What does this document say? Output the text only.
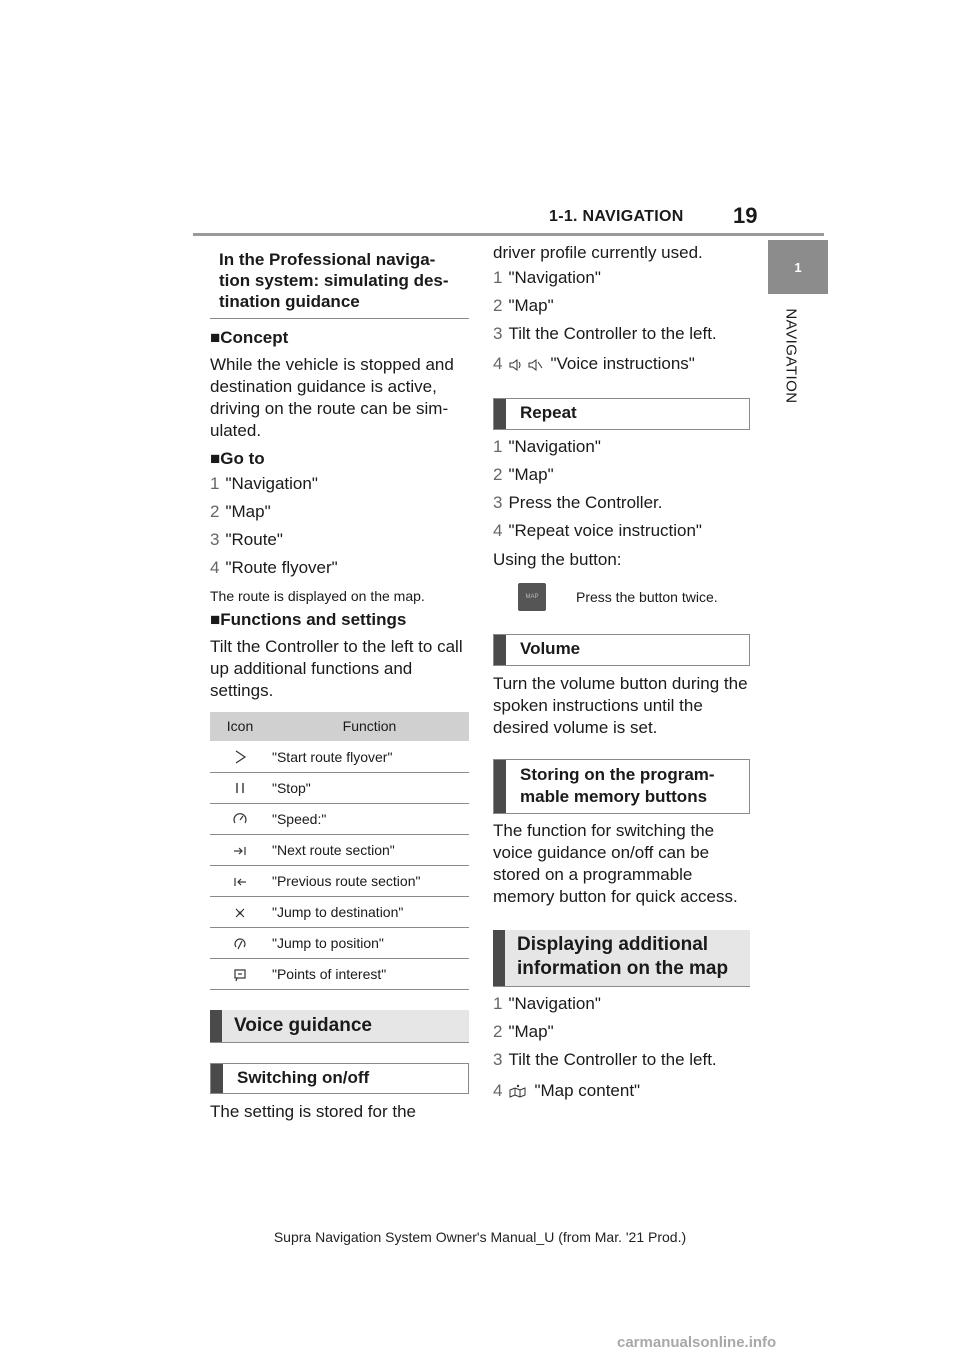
1-1. NAVIGATION 19
1
NAVIGATION
In the Professional naviga-
tion system: simulating des-
tination guidance
■Concept
While the vehicle is stopped and destination guidance is active, driving on the route can be sim-
ulated.
■Go to
1 "Navigation"
2 "Map"
3 "Route"
4 "Route flyover"
The route is displayed on the map.
■Functions and settings
Tilt the Controller to the left to call up additional functions and settings.
Icon	Function
	"Start route flyover"
	"Stop"
	"Speed:"
	"Next route section"
	"Previous route section"
	"Jump to destination"
	"Jump to position"
	"Points of interest"
Voice guidance
Switching on/off
The setting is stored for the
driver profile currently used.
1 "Navigation"
2 "Map"
3 Tilt the Controller to the left.
4	"Voice instructions"
Repeat
1 "Navigation"
2 "Map"
3 Press the Controller.
4 "Repeat voice instruction"
Using the button:
MAP	Press the button twice.
Volume
Turn the volume button during the spoken instructions until the desired volume is set.
Storing on the program-
mable memory buttons
The function for switching the voice guidance on/off can be stored on a programmable memory button for quick access.
Displaying additional
information on the map
1 "Navigation"
2 "Map"
3 Tilt the Controller to the left.
4 "Map content"
Supra Navigation System Owner's Manual_U (from Mar. '21 Prod.)
carmanualsonline.info
